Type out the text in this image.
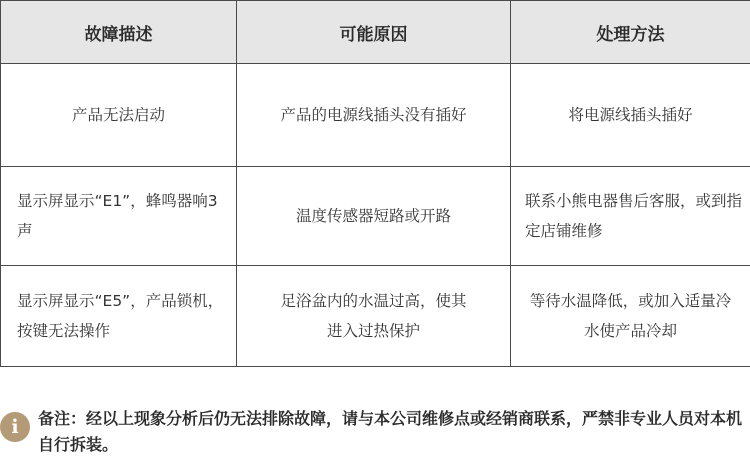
故障描述	可能原因	处理方法
产品无法启动	产品的电源线插头没有插好	将电源线插头插好
显示屏显示“E1”，蜂鸣器响3声	温度传感器短路或开路	联系小熊电器售后客服，或到指定店铺维修
显示屏显示“E5”，产品锁机，按键无法操作	足浴盆内的水温过高，使其进入过热保护	等待水温降低，或加入适量冷水使产品冷却
i	备注：经以上现象分析后仍无法排除故障，请与本公司维修点或经销商联系，严禁非专业人员对本机自行拆装。
